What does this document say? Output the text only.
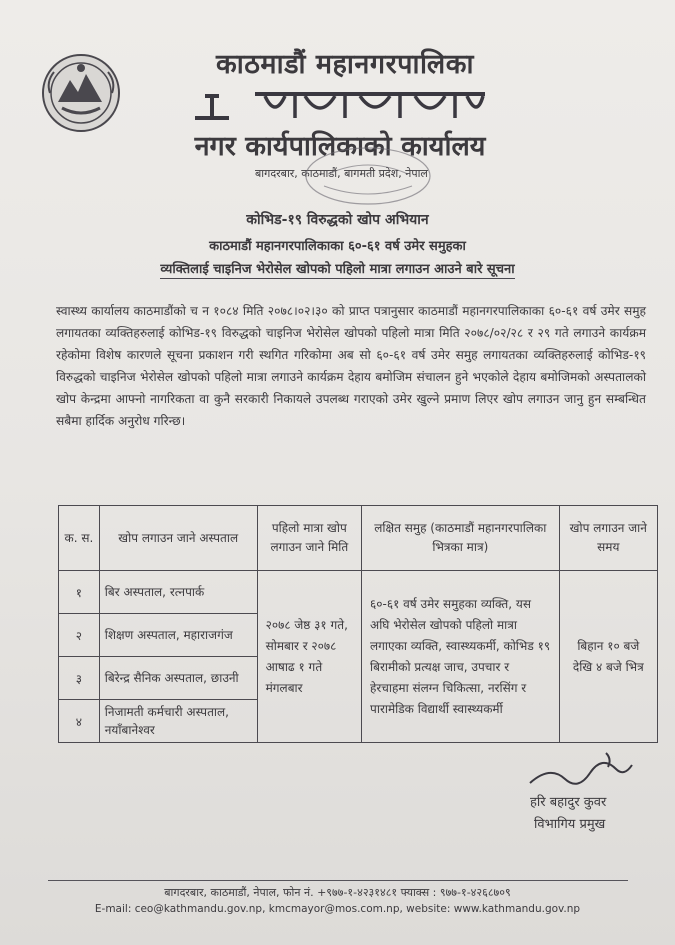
काठमाडौं महानगरपालिका
नगर कार्यपालिकाको कार्यालय
बागदरबार, काठमाडौं, बागमती प्रदेश, नेपाल
कोभिड-१९ विरुद्धको खोप अभियान
काठमाडौं महानगरपालिकाका ६०-६१ वर्ष उमेर समुहका
व्यक्तिलाई चाइनिज भेरोसेल खोपको पहिलो मात्रा लगाउन आउने बारे सूचना
स्वास्थ्य कार्यालय काठमाडौंको च न १०८४ मिति २०७८।०२।३० को प्राप्त पत्रानुसार काठमाडौं महानगरपालिकाका ६०-६१ वर्ष उमेर समुह लगायतका व्यक्तिहरुलाई कोभिड-१९ विरुद्धको चाइनिज भेरोसेल खोपको पहिलो मात्रा मिति २०७८/०२/२८ र २९ गते लगाउने कार्यक्रम रहेकोमा विशेष कारणले सूचना प्रकाशन गरी स्थगित गरिकोमा अब सो ६०-६१ वर्ष उमेर समुह लगायतका व्यक्तिहरुलाई कोभिड-१९ विरुद्धको चाइनिज भेरोसेल खोपको पहिलो मात्रा लगाउने कार्यक्रम देहाय बमोजिम संचालन हुने भएकोले देहाय बमोजिमको अस्पतालको खोप केन्द्रमा आफ्नो नागरिकता वा कुनै सरकारी निकायले उपलब्ध गराएको उमेर खुल्ने प्रमाण लिएर खोप लगाउन जानु हुन सम्बन्धित सबैमा हार्दिक अनुरोध गरिन्छ।
क. स.	खोप लगाउन जाने अस्पताल	पहिलो मात्रा खोप लगाउन जाने मिति	लक्षित समुह (काठमाडौं महानगरपालिका भित्रका मात्र)	खोप लगाउन जाने समय
१	बिर अस्पताल, रत्नपार्क	२०७८ जेष्ठ ३१ गते, सोमबार र २०७८ आषाढ १ गते मंगलबार	६०-६१ वर्ष उमेर समुहका व्यक्ति, यस अघि भेरोसेल खोपको पहिलो मात्रा लगाएका व्यक्ति, स्वास्थ्यकर्मी, कोभिड १९ बिरामीको प्रत्यक्ष जाच, उपचार र हेरचाहमा संलग्न चिकित्सा, नरसिंग र पारामेडिक विद्यार्थी स्वास्थ्यकर्मी	बिहान १० बजे देखि ४ बजे भित्र
२	शिक्षण अस्पताल, महाराजगंज			
३	बिरेन्द्र सैनिक अस्पताल, छाउनी			
४	निजामती कर्मचारी अस्पताल, नयाँबानेश्वर			
हरि बहादुर कुवर
विभागिय प्रमुख
बागदरबार, काठमाडौं, नेपाल, फोन नं. +९७७-१-४२३१४८१ फ्याक्स : ९७७-१-४२६८७०९
E-mail: ceo@kathmandu.gov.np, kmcmayor@mos.com.np, website: www.kathmandu.gov.np
